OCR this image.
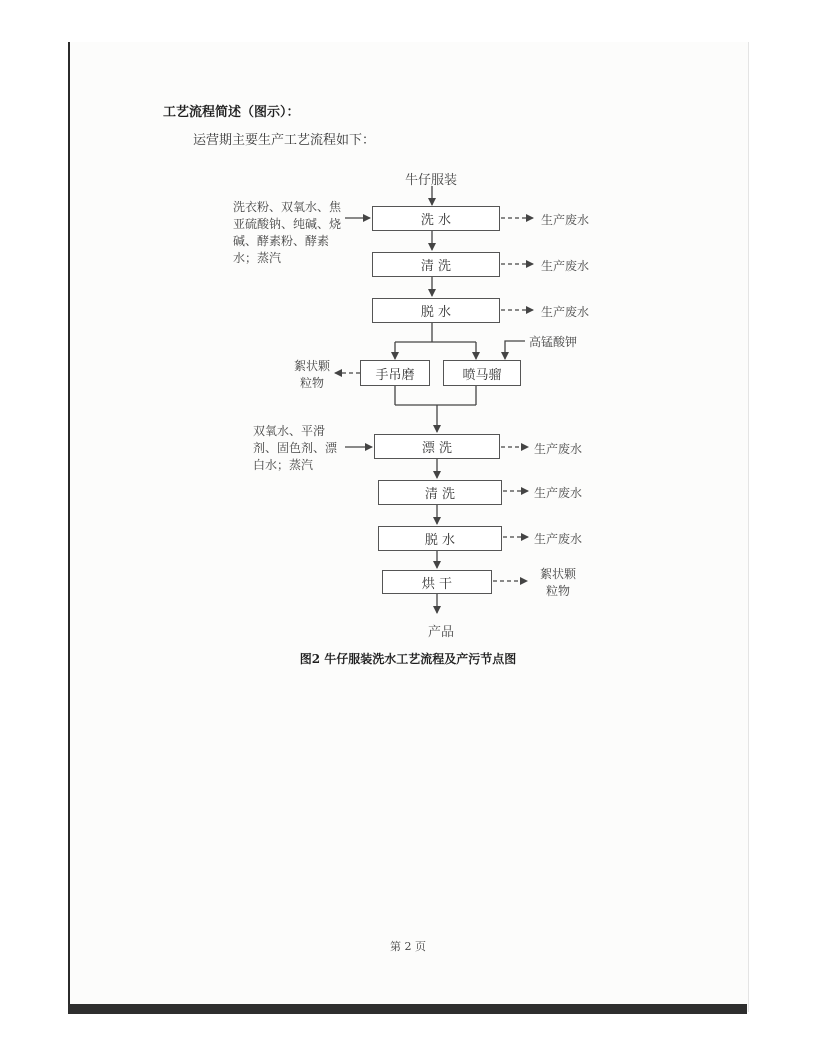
工艺流程简述（图示）：
运营期主要生产工艺流程如下：
牛仔服装
洗 水
清 洗
脱 水
手吊磨	喷马骝
漂 洗
清 洗
脱 水
烘 干
产品
洗衣粉、双氧水、焦亚硫酸钠、纯碱、烧碱、酵素粉、酵素水；蒸汽
高锰酸钾
双氧水、平滑剂、固色剂、漂白水；蒸汽
生产废水
生产废水
生产废水
絮状颗粒物
生产废水
生产废水
生产废水
絮状颗粒物
图2 牛仔服装洗水工艺流程及产污节点图
第 2 页
